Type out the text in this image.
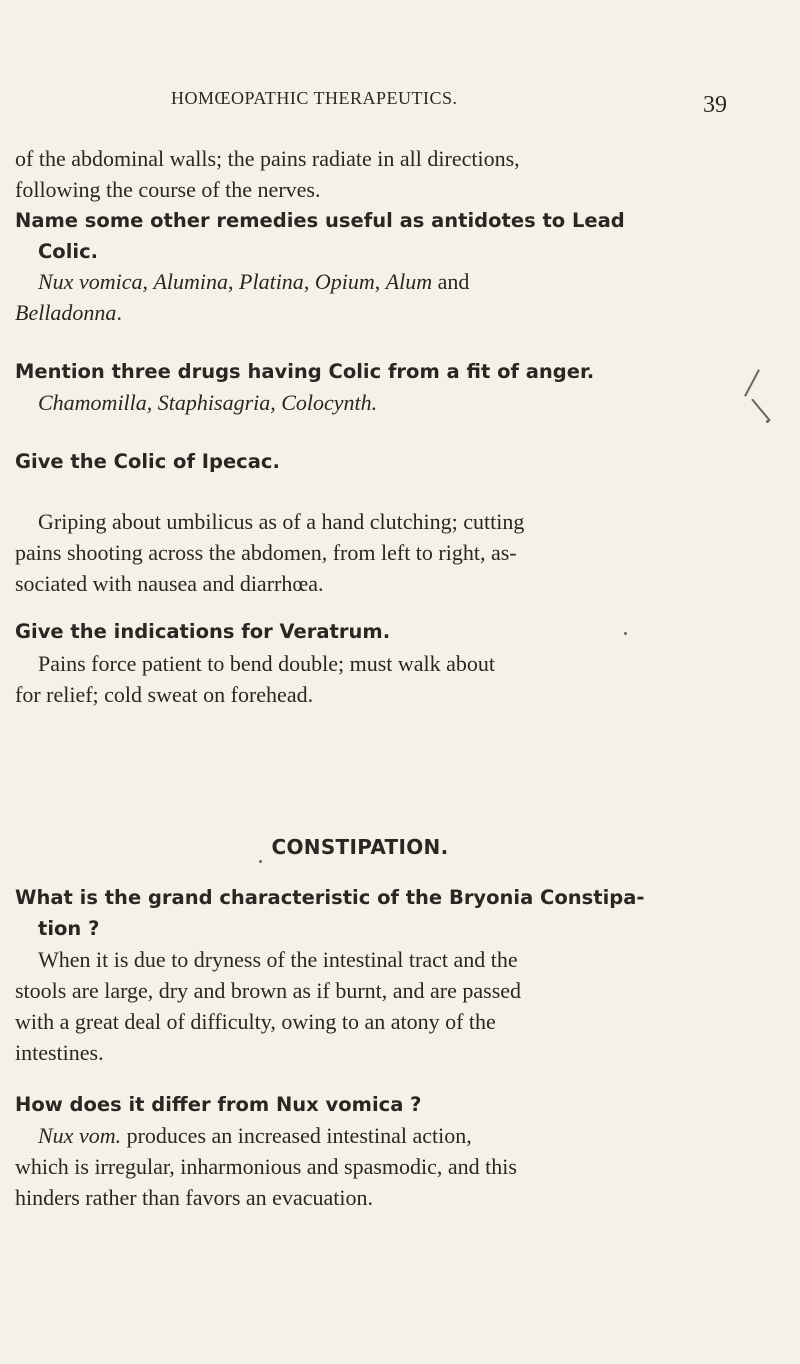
HOMŒOPATHIC THERAPEUTICS.	39
of the abdominal walls; the pains radiate in all directions,
following the course of the nerves.
Name some other remedies useful as antidotes to Lead
Colic.
Nux vomica, Alumina, Platina, Opium, Alum and
Belladonna.
Mention three drugs having Colic from a fit of anger.
Chamomilla, Staphisagria, Colocynth.
Give the Colic of Ipecac.
Griping about umbilicus as of a hand clutching; cutting
pains shooting across the abdomen, from left to right, as-
sociated with nausea and diarrhœa.
Give the indications for Veratrum.
Pains force patient to bend double; must walk about
for relief; cold sweat on forehead.
CONSTIPATION.
What is the grand characteristic of the Bryonia Constipa-
tion ?
When it is due to dryness of the intestinal tract and the
stools are large, dry and brown as if burnt, and are passed
with a great deal of difficulty, owing to an atony of the
intestines.
How does it differ from Nux vomica ?
Nux vom. produces an increased intestinal action,
which is irregular, inharmonious and spasmodic, and this
hinders rather than favors an evacuation.
